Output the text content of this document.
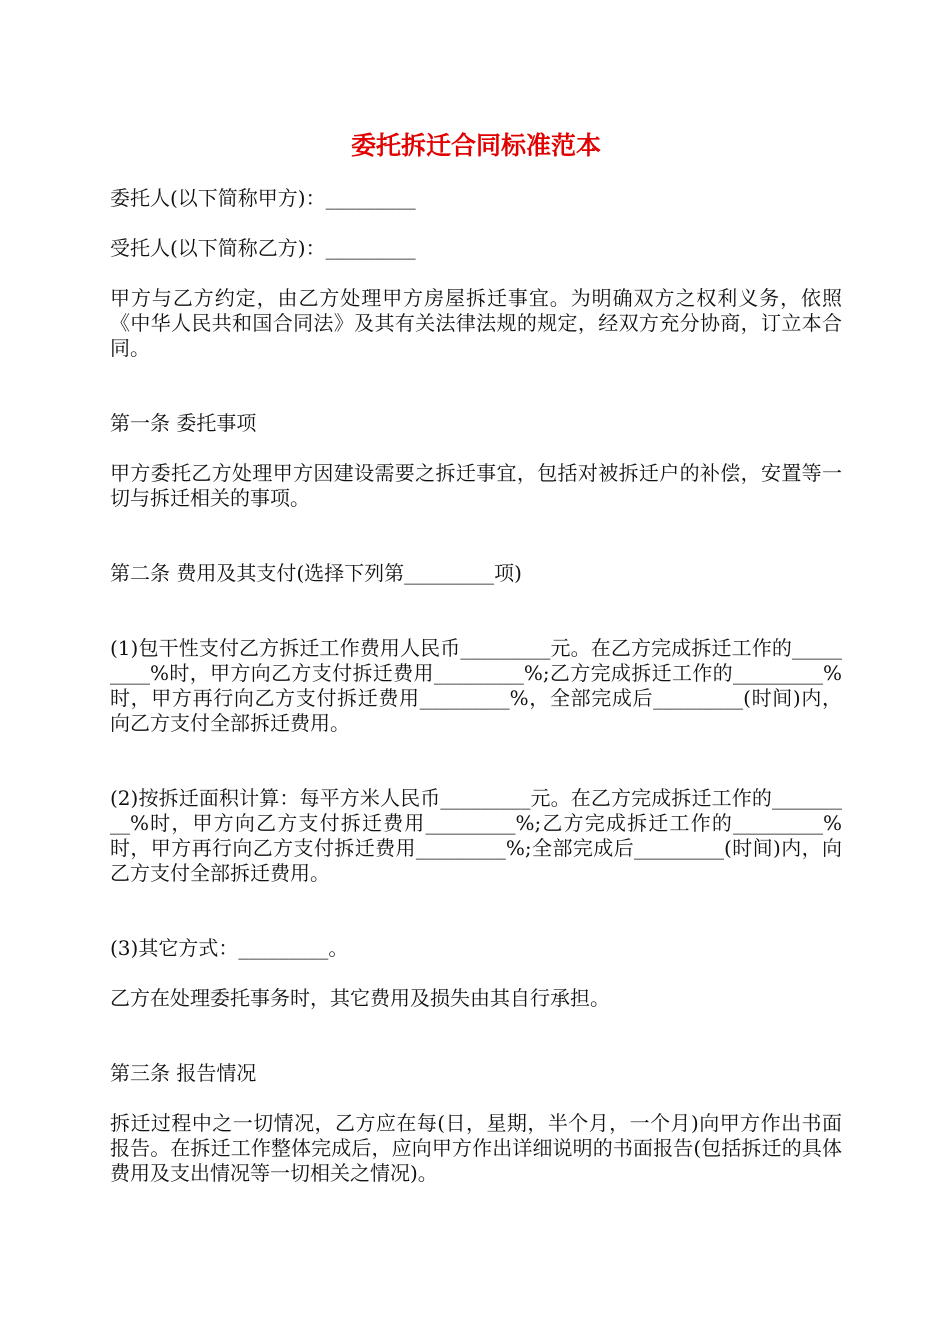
委托拆迁合同标准范本

委托人(以下简称甲方)：_________

受托人(以下简称乙方)：_________

甲方与乙方约定，由乙方处理甲方房屋拆迁事宜。为明确双方之权利义务，依照《中华人民共和国合同法》及其有关法律法规的规定，经双方充分协商，订立本合同。

第一条 委托事项

甲方委托乙方处理甲方因建设需要之拆迁事宜，包括对被拆迁户的补偿，安置等一切与拆迁相关的事项。

第二条 费用及其支付(选择下列第_________项)

(1)包干性支付乙方拆迁工作费用人民币_________元。在乙方完成拆迁工作的_________%时，甲方向乙方支付拆迁费用_________%;乙方完成拆迁工作的_________%时，甲方再行向乙方支付拆迁费用_________%，全部完成后_________(时间)内，向乙方支付全部拆迁费用。

(2)按拆迁面积计算：每平方米人民币_________元。在乙方完成拆迁工作的_________%时，甲方向乙方支付拆迁费用_________%;乙方完成拆迁工作的_________%时，甲方再行向乙方支付拆迁费用_________%;全部完成后_________(时间)内，向乙方支付全部拆迁费用。

(3)其它方式：_________。

乙方在处理委托事务时，其它费用及损失由其自行承担。

第三条 报告情况

拆迁过程中之一切情况，乙方应在每(日，星期，半个月，一个月)向甲方作出书面报告。在拆迁工作整体完成后，应向甲方作出详细说明的书面报告(包括拆迁的具体费用及支出情况等一切相关之情况)。
